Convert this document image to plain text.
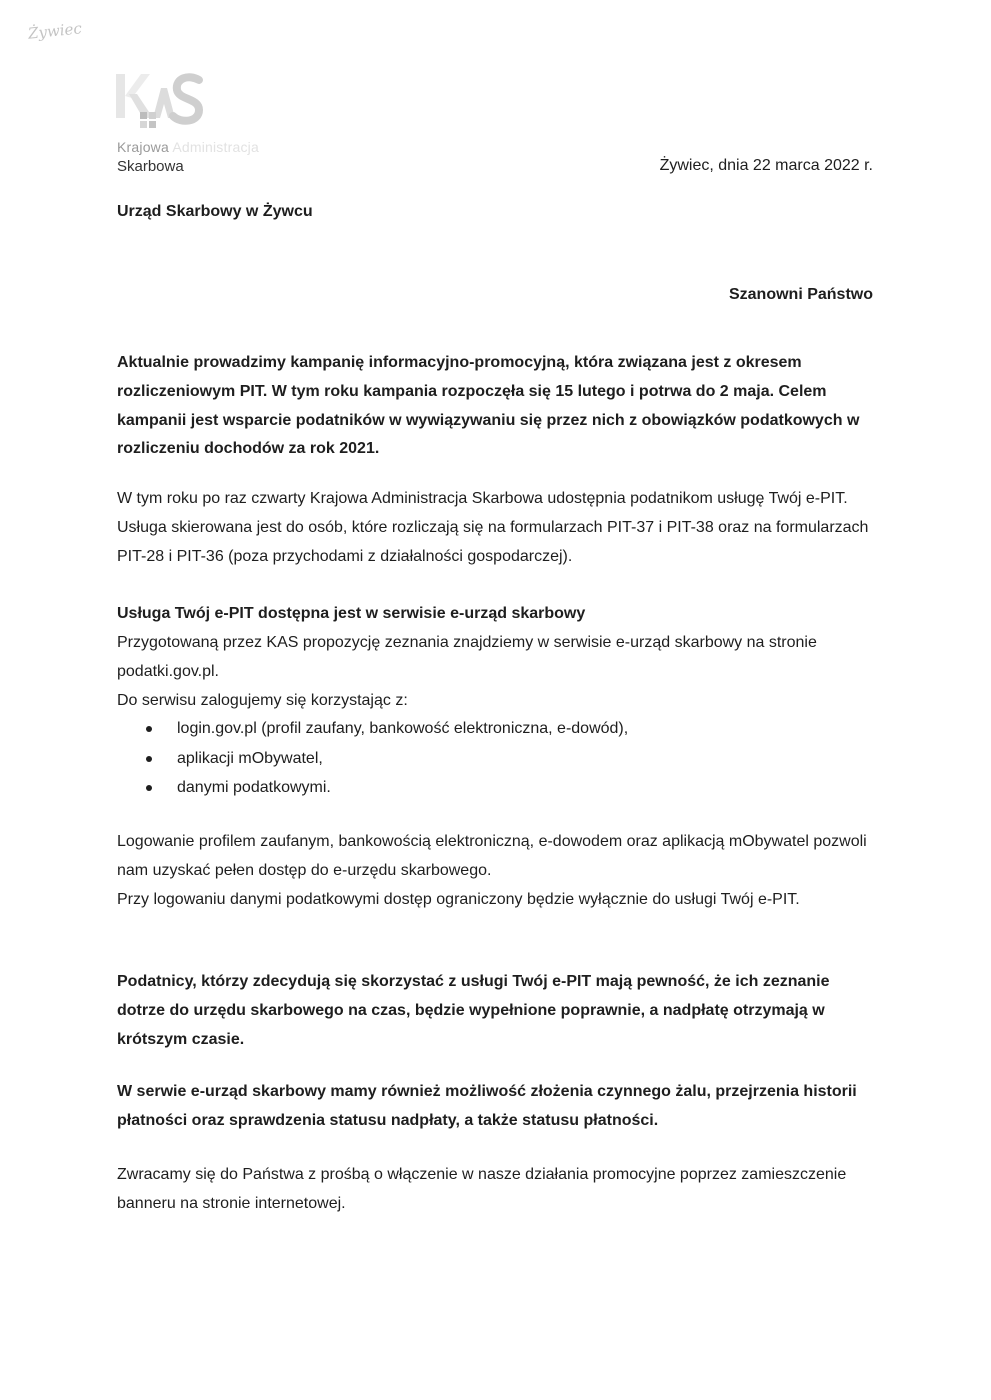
Żywiec
Krajowa Administracja
Skarbowa	Żywiec, dnia 22 marca 2022 r.
Urząd Skarbowy w Żywcu
Szanowni Państwo

Aktualnie prowadzimy kampanię informacyjno-promocyjną, która związana jest z okresem rozliczeniowym PIT. W tym roku kampania rozpoczęła się 15 lutego i potrwa do 2 maja. Celem kampanii jest wsparcie podatników w wywiązywaniu się przez nich z obowiązków podatkowych w rozliczeniu dochodów za rok 2021.

W tym roku po raz czwarty Krajowa Administracja Skarbowa udostępnia podatnikom usługę Twój e-PIT. Usługa skierowana jest do osób, które rozliczają się na formularzach PIT-37 i PIT-38 oraz na formularzach PIT-28 i PIT-36 (poza przychodami z działalności gospodarczej).

Usługa Twój e-PIT dostępna jest w serwisie e-urząd skarbowy

Przygotowaną przez KAS propozycję zeznania znajdziemy w serwisie e-urząd skarbowy na stronie podatki.gov.pl.
Do serwisu zalogujemy się korzystając z:
login.gov.pl (profil zaufany, bankowość elektroniczna, e-dowód),
aplikacji mObywatel,
danymi podatkowymi.
Logowanie profilem zaufanym, bankowością elektroniczną, e-dowodem oraz aplikacją mObywatel pozwoli nam uzyskać pełen dostęp do e-urzędu skarbowego.
Przy logowaniu danymi podatkowymi dostęp ograniczony będzie wyłącznie do usługi Twój e-PIT.

Podatnicy, którzy zdecydują się skorzystać z usługi Twój e-PIT mają pewność, że ich zeznanie dotrze do urzędu skarbowego na czas, będzie wypełnione poprawnie, a nadpłatę otrzymają w krótszym czasie.

W serwie e-urząd skarbowy mamy również możliwość złożenia czynnego żalu, przejrzenia historii płatności oraz sprawdzenia statusu nadpłaty, a także statusu płatności.

Zwracamy się do Państwa z prośbą o włączenie w nasze działania promocyjne poprzez zamieszczenie banneru na stronie internetowej.
